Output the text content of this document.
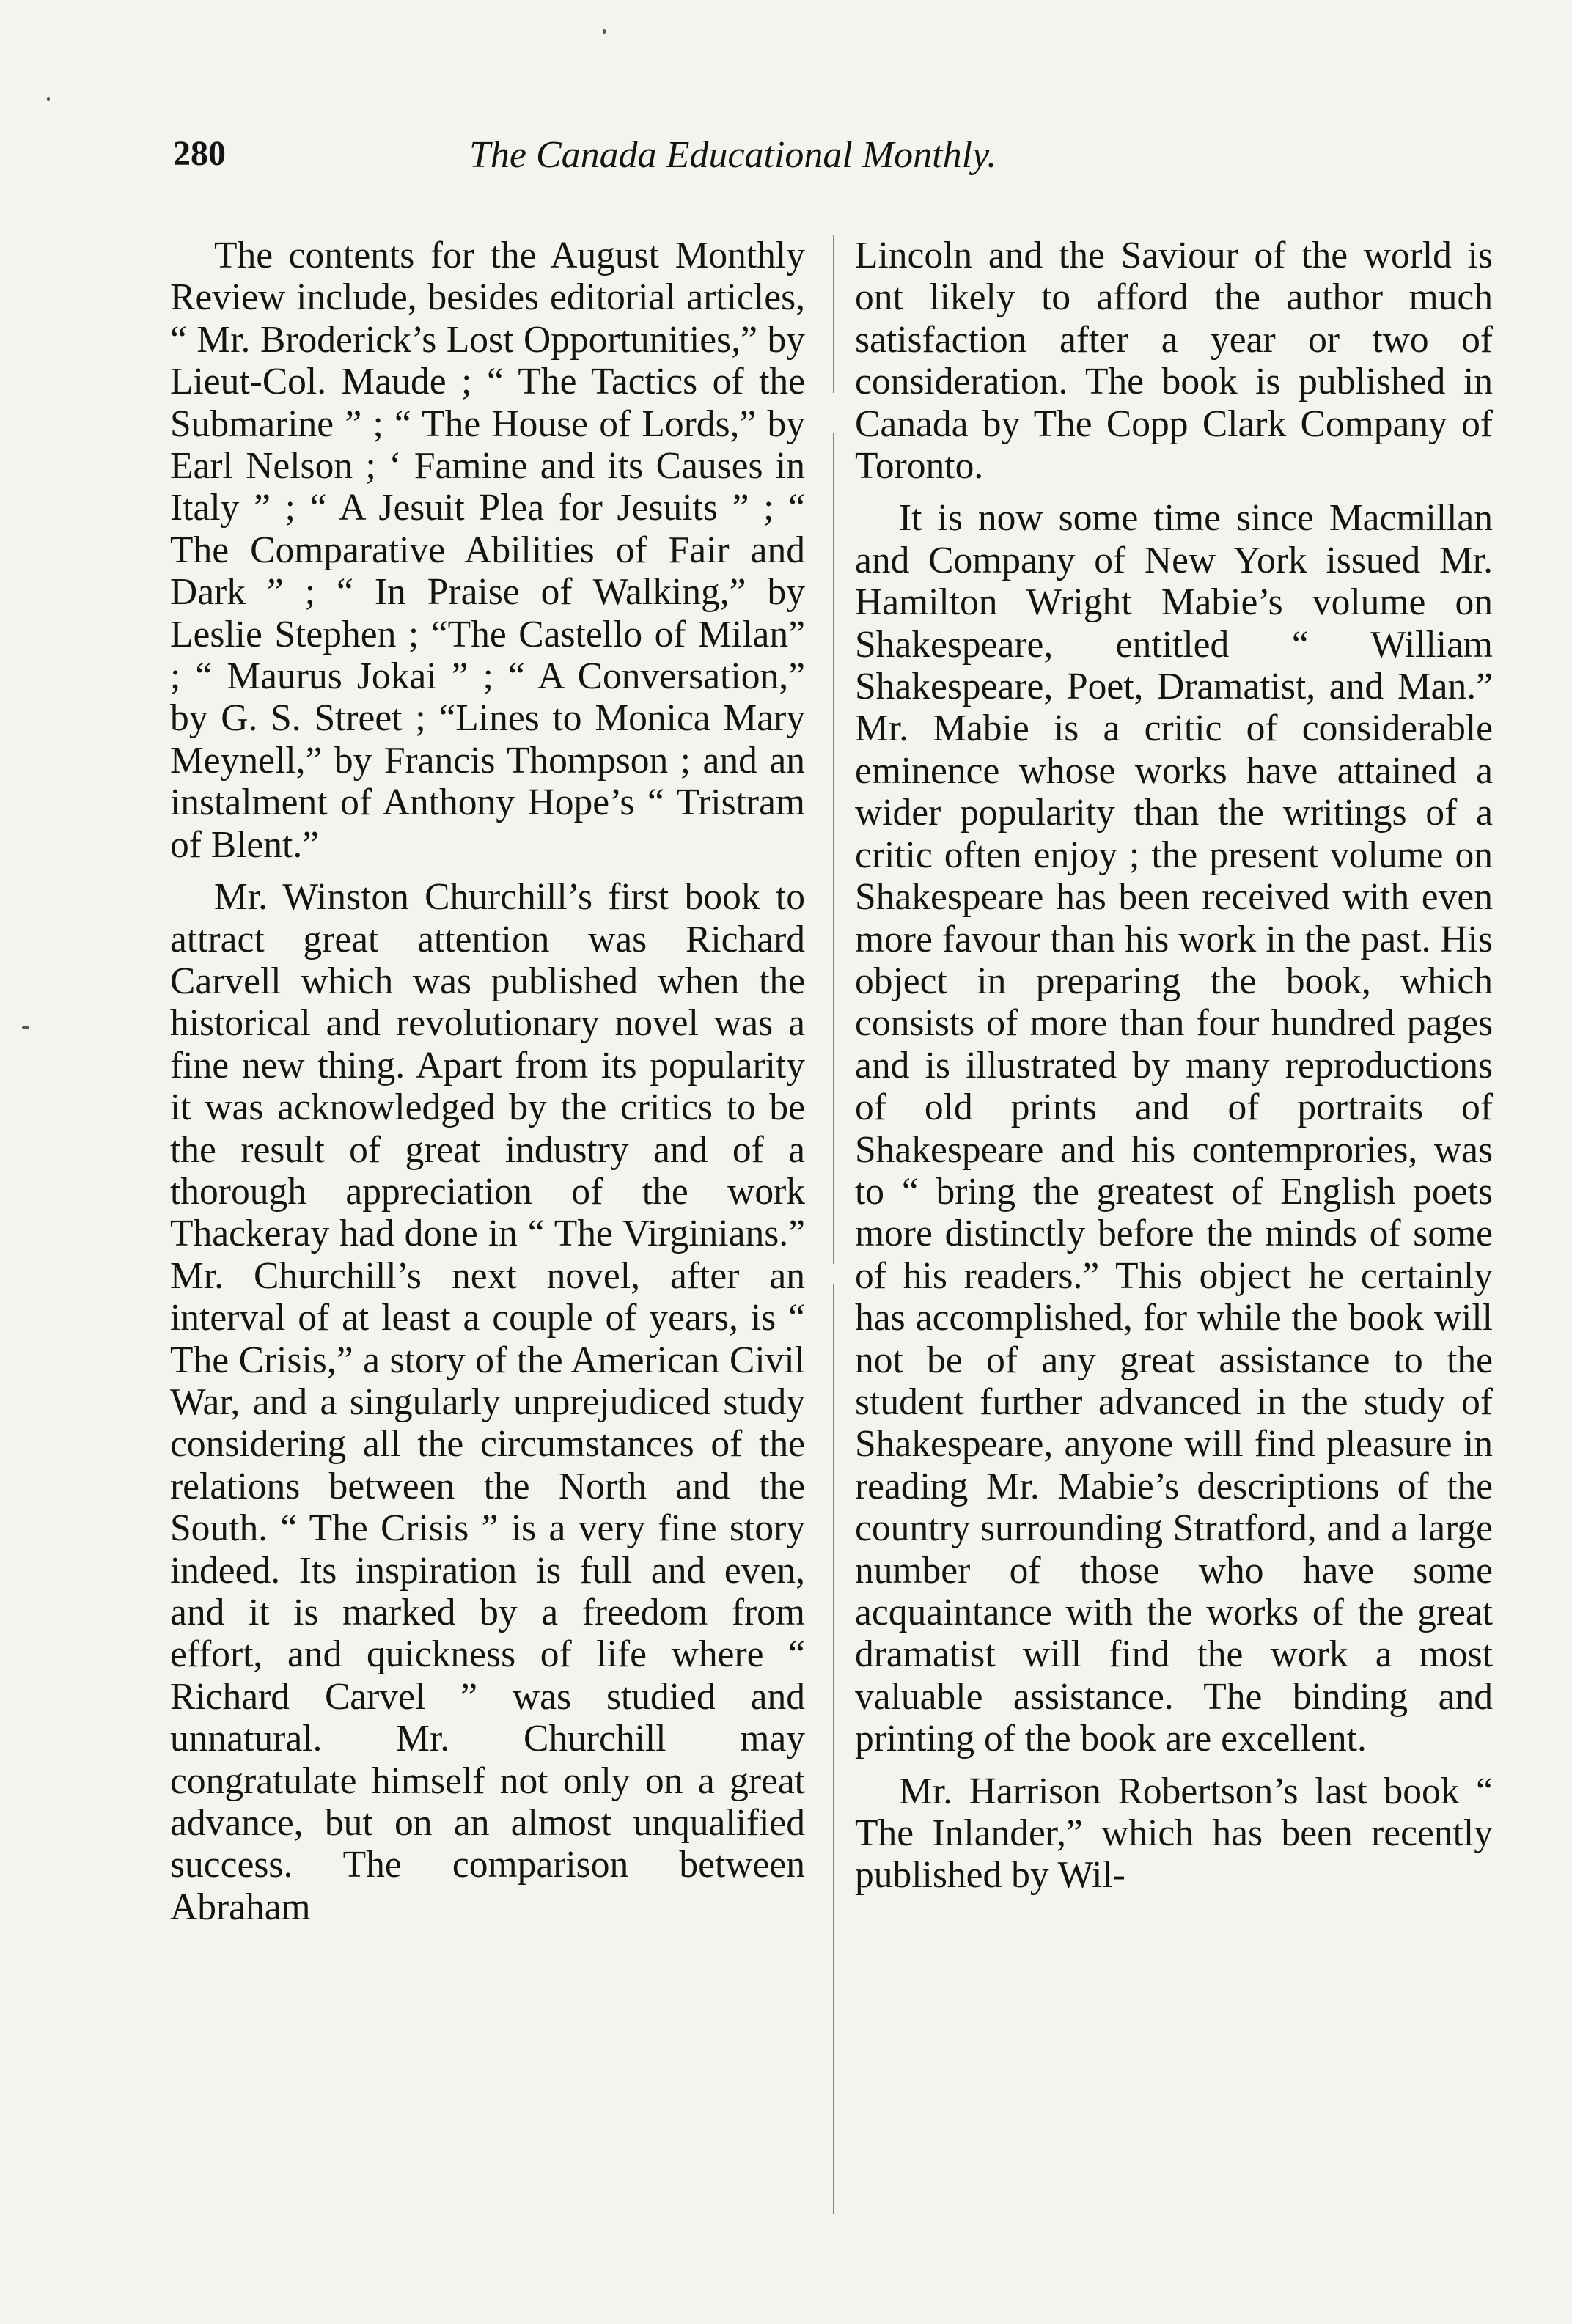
280	The Canada Educational Monthly.

The contents for the August Monthly Review include, besides editorial articles, “ Mr. Broderick’s Lost Opportunities,” by Lieut-Col. Maude ; “ The Tactics of the Submarine ” ; “ The House of Lords,” by Earl Nelson ; ‘ Famine and its Causes in Italy ” ; “ A Jesuit Plea for Jesuits ” ; “ The Comparative Abilities of Fair and Dark ” ; “ In Praise of Walking,” by Leslie Stephen ; “The Castello of Milan” ; “ Maurus Jokai ” ; “ A Conversation,” by G. S. Street ; “Lines to Monica Mary Meynell,” by Francis Thompson ; and an instalment of Anthony Hope’s “ Tristram of Blent.”

Mr. Winston Churchill’s first book to attract great attention was Richard Carvell which was published when the historical and revolutionary novel was a fine new thing. Apart from its popularity it was acknowledged by the critics to be the result of great industry and of a thorough appreciation of the work Thackeray had done in “ The Virginians.” Mr. Churchill’s next novel, after an interval of at least a couple of years, is “ The Crisis,” a story of the American Civil War, and a singularly unprejudiced study considering all the circumstances of the relations between the North and the South. “ The Crisis ” is a very fine story indeed. Its inspiration is full and even, and it is marked by a freedom from effort, and quickness of life where “ Richard Carvel ” was studied and unnatural. Mr. Churchill may congratulate himself not only on a great advance, but on an almost unqualified success. The comparison between Abraham

Lincoln and the Saviour of the world is ont likely to afford the author much satisfaction after a year or two of consideration. The book is published in Canada by The Copp Clark Company of Toronto.

It is now some time since Macmillan and Company of New York issued Mr. Hamilton Wright Mabie’s volume on Shakespeare, entitled “ William Shakespeare, Poet, Dramatist, and Man.” Mr. Mabie is a critic of considerable eminence whose works have attained a wider popularity than the writings of a critic often enjoy ; the present volume on Shakespeare has been received with even more favour than his work in the past. His object in preparing the book, which consists of more than four hundred pages and is illustrated by many reproductions of old prints and of portraits of Shakespeare and his contemprories, was to “ bring the greatest of English poets more distinctly before the minds of some of his readers.” This object he certainly has accomplished, for while the book will not be of any great assistance to the student further advanced in the study of Shakespeare, anyone will find pleasure in reading Mr. Mabie’s descriptions of the country surrounding Stratford, and a large number of those who have some acquaintance with the works of the great dramatist will find the work a most valuable assistance. The binding and printing of the book are excellent.

Mr. Harrison Robertson’s last book “ The Inlander,” which has been recently published by Wil-
